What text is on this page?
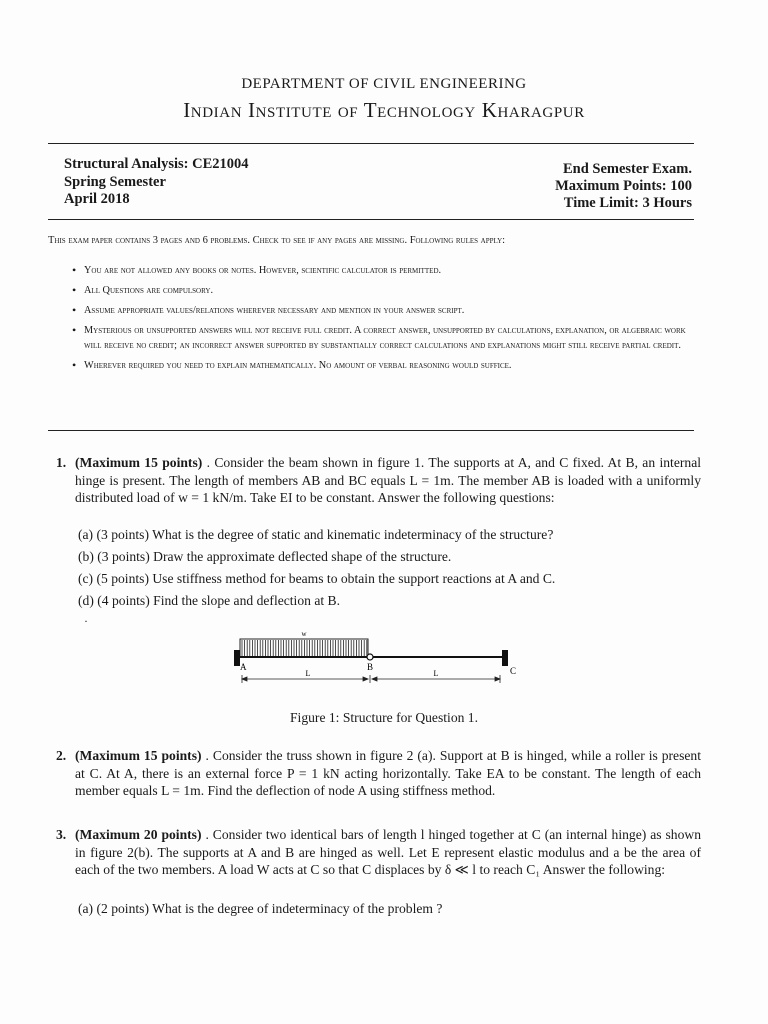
DEPARTMENT OF CIVIL ENGINEERING
Indian Institute of Technology Kharagpur
Structural Analysis: CE21004
Spring Semester
April 2018
End Semester Exam.
Maximum Points: 100
Time Limit: 3 Hours
This exam paper contains 3 pages and 6 problems. Check to see if any pages are missing. Following rules apply:
• You are not allowed any books or notes. However, scientific calculator is permitted.
• All Questions are compulsory.
• Assume appropriate values/relations wherever necessary and mention in your answer script.
• Mysterious or unsupported answers will not receive full credit. A correct answer, unsupported by calculations, explanation, or algebraic work will receive no credit; an incorrect answer supported by substantially correct calculations and explanations might still receive partial credit.
• Wherever required you need to explain mathematically. No amount of verbal reasoning would suffice.
1. (Maximum 15 points) . Consider the beam shown in figure 1. The supports at A, and C fixed. At B, an internal hinge is present. The length of members AB and BC equals L = 1m. The member AB is loaded with a uniformly distributed load of w = 1 kN/m. Take EI to be constant. Answer the following questions:
(a) (3 points) What is the degree of static and kinematic indeterminacy of the structure?
(b) (3 points) Draw the approximate deflected shape of the structure.
(c) (5 points) Use stiffness method for beams to obtain the support reactions at A and C.
(d) (4 points) Find the slope and deflection at B.
·
w
A	B	C
L	L
Figure 1: Structure for Question 1.
2. (Maximum 15 points) . Consider the truss shown in figure 2 (a). Support at B is hinged, while a roller is present at C. At A, there is an external force P = 1 kN acting horizontally. Take EA to be constant. The length of each member equals L = 1m. Find the deflection of node A using stiffness method.
3. (Maximum 20 points) . Consider two identical bars of length l hinged together at C (an internal hinge) as shown in figure 2(b). The supports at A and B are hinged as well. Let E represent elastic modulus and a be the area of each of the two members. A load W acts at C so that C displaces by δ ≪ l to reach C₁ Answer the following:
(a) (2 points) What is the degree of indeterminacy of the problem ?
